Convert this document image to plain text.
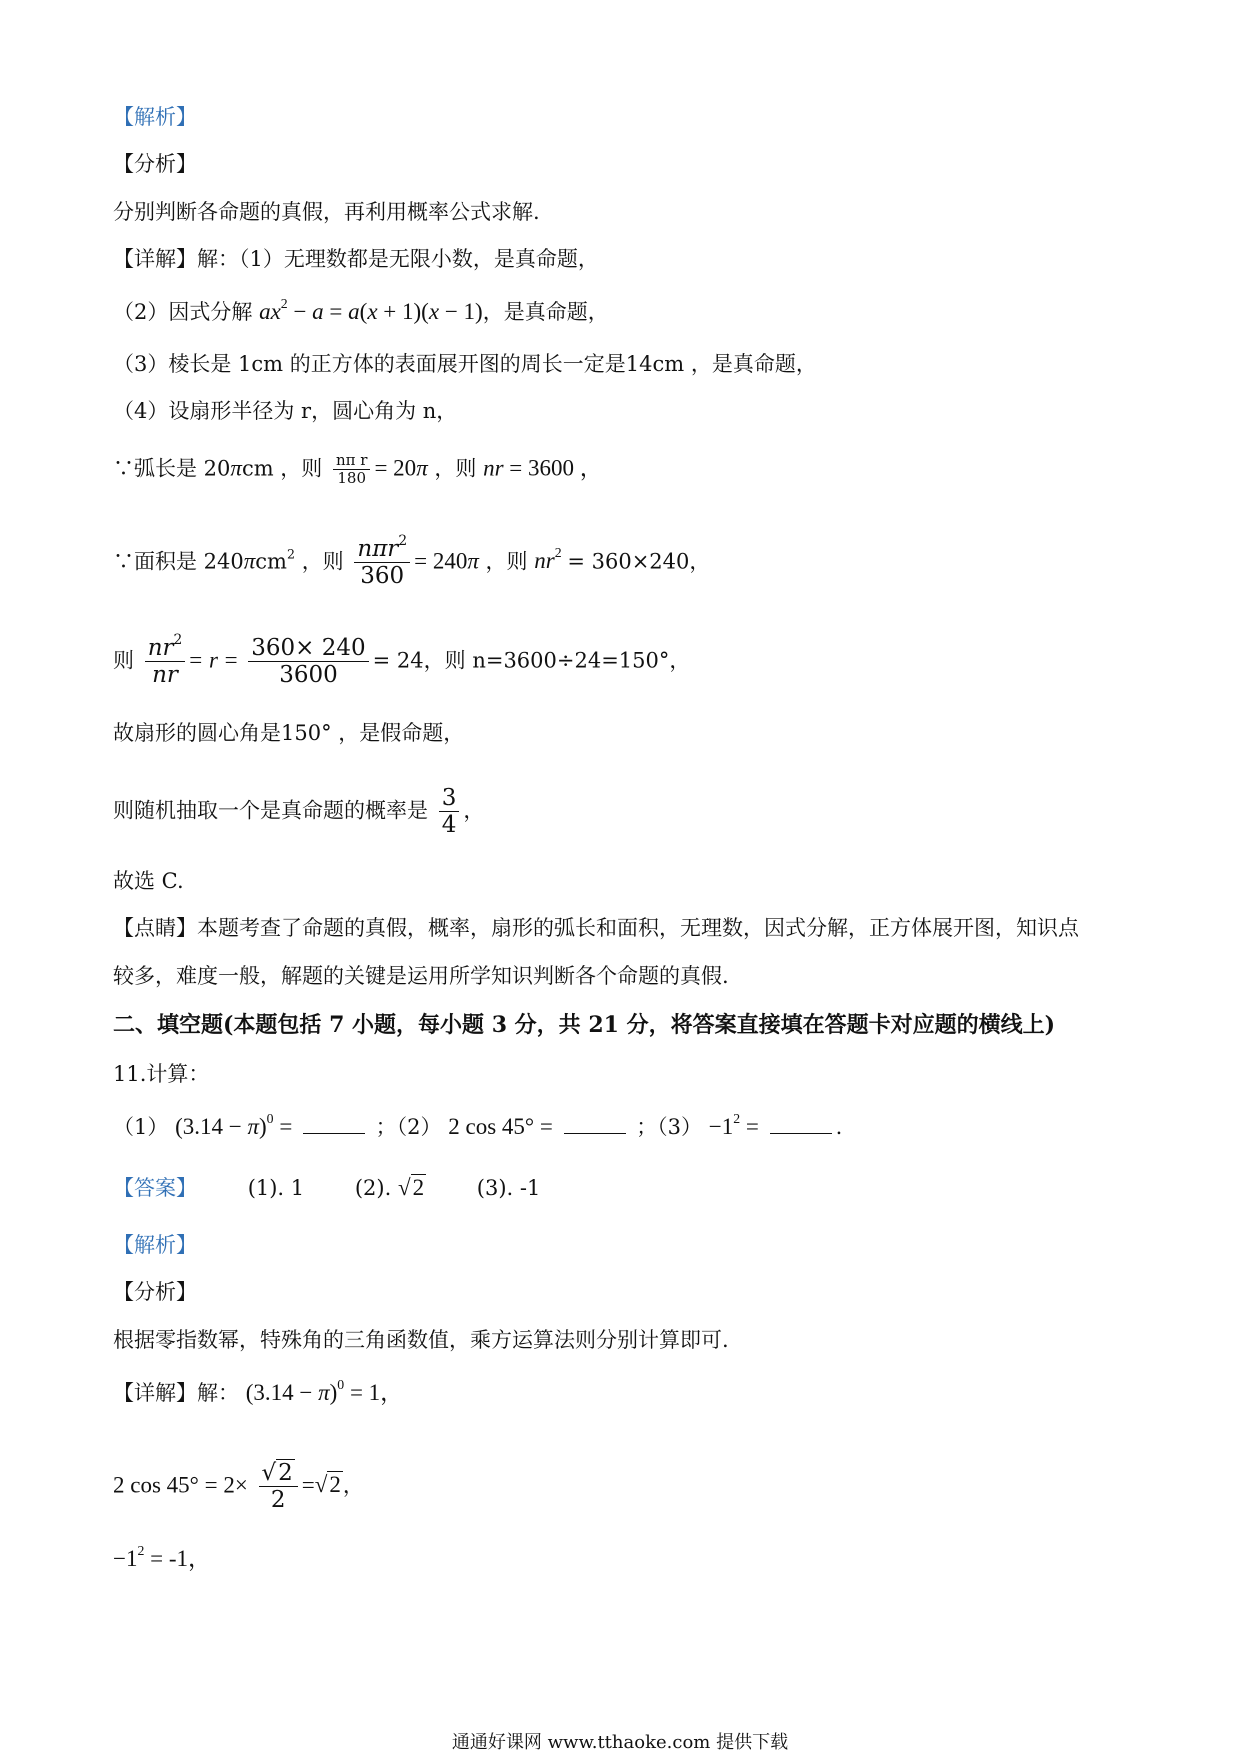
【解析】
【分析】
分别判断各命题的真假，再利用概率公式求解.
【详解】解：（1）无理数都是无限小数，是真命题，
（2）因式分解 $ax^2 - a = a(x + 1)(x - 1)$，是真命题，
（3）棱长是 1cm 的正方体的表面展开图的周长一定是14cm ，是真命题，
（4）设扇形半径为 r，圆心角为 n，
∵弧长是 20πcm ，则 $\frac{\text{nπ r}}{180} = 20\pi$ ，则 nr = 3600 ，
∵面积是 240πcm$^2$ ，则 $\frac{n\pi r^2}{360} = 240\pi$ ，则 $nr^2 = 360\times 240$，
则 $\frac{nr^2}{nr} = r = \frac{360\times 240}{3600} = 24$，则 n=3600÷24=150°，
故扇形的圆心角是150° ，是假命题，
则随机抽取一个是真命题的概率是 $\frac{3}{4}$ ，
故选 C.
【点睛】本题考查了命题的真假，概率，扇形的弧长和面积，无理数，因式分解，正方体展开图，知识点
较多，难度一般，解题的关键是运用所学知识判断各个命题的真假.
二、填空题(本题包括 7 小题，每小题 3 分，共 21 分，将答案直接填在答题卡对应题的横线上)
11.计算：
（1） $(3.14 - \pi)^0$ =	；（2） 2 cos 45° =	；$(3) -1^2$ =	.
【答案】 (1). 1 (2). √2	(3). -1
【解析】
【分析】
根据零指数幂，特殊角的三角函数值，乘方运算法则分别计算即可.
【详解】解： $(3.14 - \pi)^0 = 1$，
2 $\cos 45^\circ = 2\times \frac{√2}{2} =√2$，
$-1^2 = -1$，
通通好课网 www.tthaoke.com 提供下载
